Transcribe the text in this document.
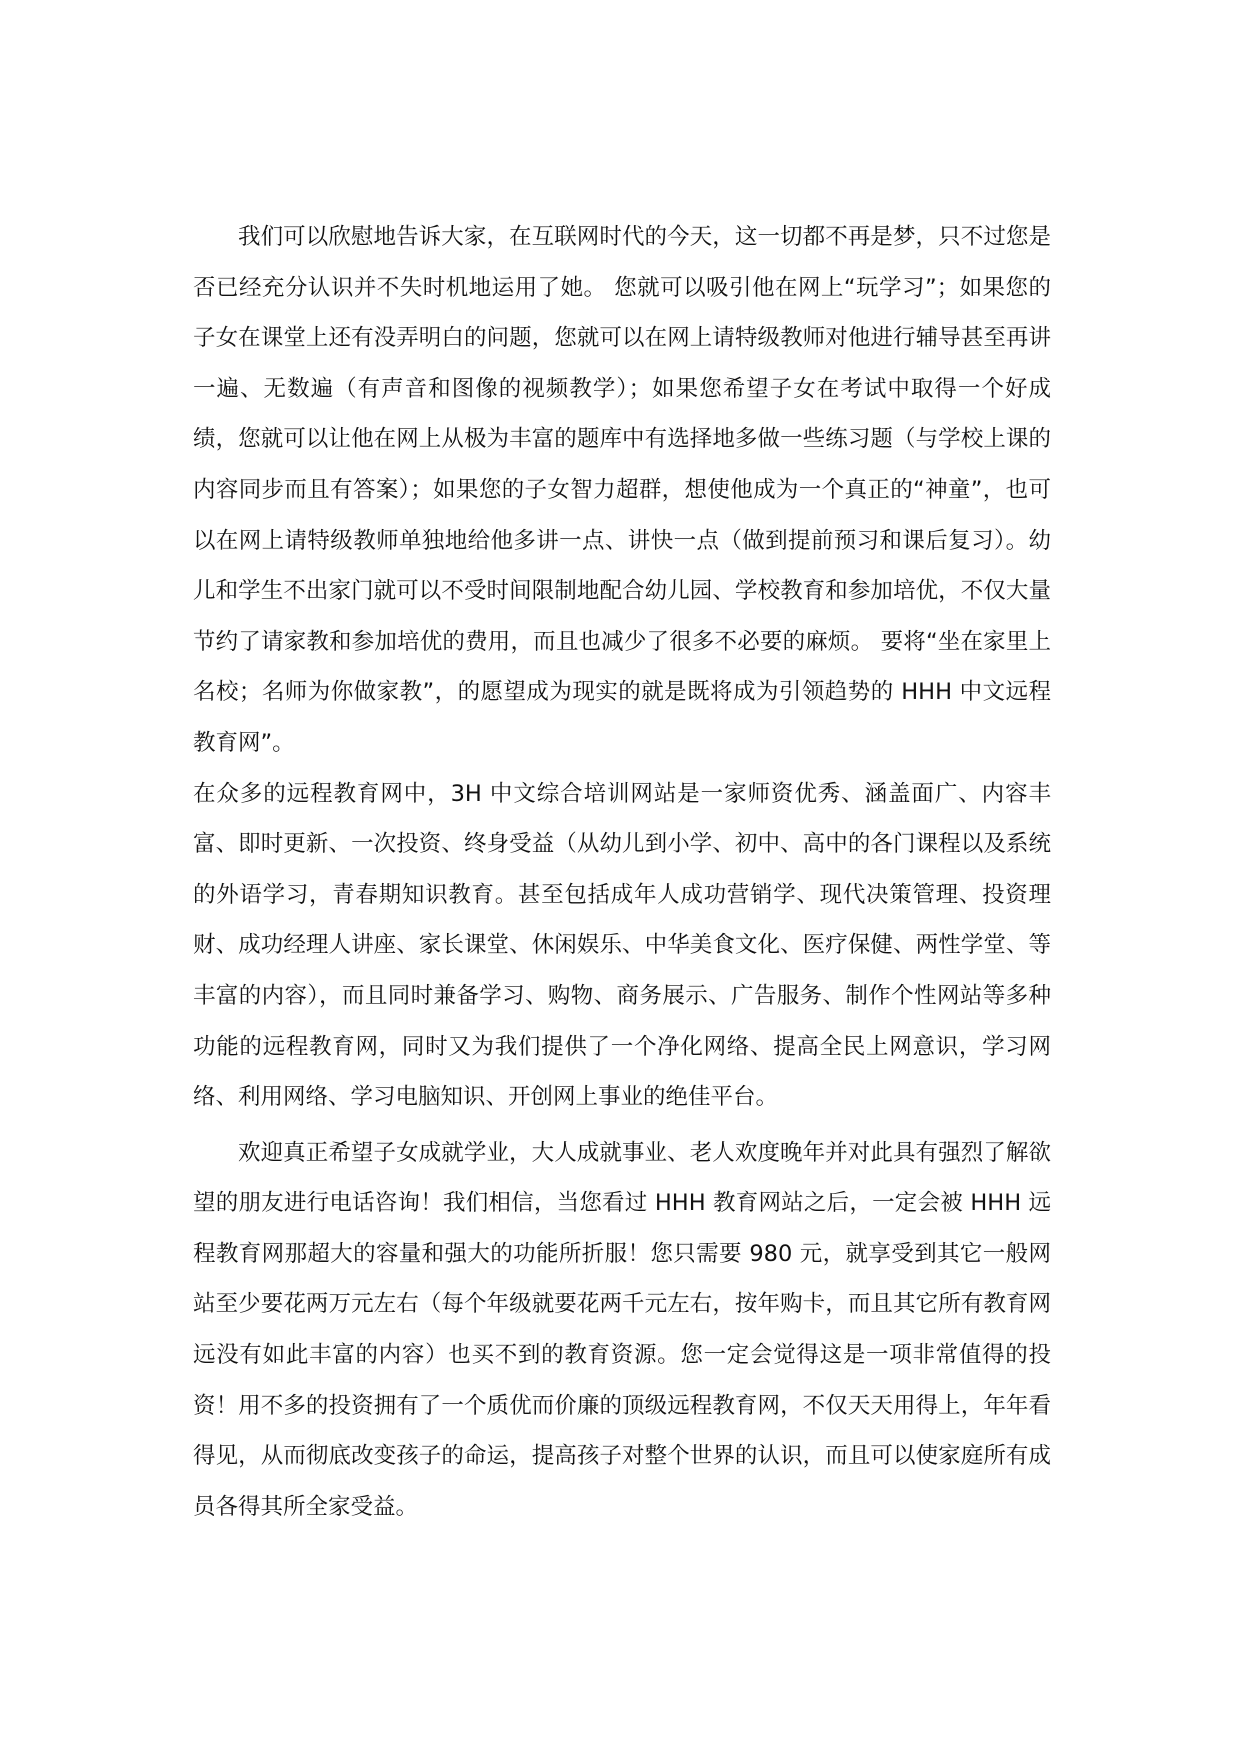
我们可以欣慰地告诉大家，在互联网时代的今天，这一切都不再是梦，只不过您是否已经充分认识并不失时机地运用了她。 您就可以吸引他在网上“玩学习”；如果您的子女在课堂上还有没弄明白的问题，您就可以在网上请特级教师对他进行辅导甚至再讲一遍、无数遍（有声音和图像的视频教学）；如果您希望子女在考试中取得一个好成绩，您就可以让他在网上从极为丰富的题库中有选择地多做一些练习题（与学校上课的内容同步而且有答案）；如果您的子女智力超群，想使他成为一个真正的“神童”，也可以在网上请特级教师单独地给他多讲一点、讲快一点（做到提前预习和课后复习）。幼儿和学生不出家门就可以不受时间限制地配合幼儿园、学校教育和参加培优，不仅大量节约了请家教和参加培优的费用，而且也减少了很多不必要的麻烦。 要将“坐在家里上名校；名师为你做家教”，的愿望成为现实的就是既将成为引领趋势的 HHH 中文远程教育网”。

在众多的远程教育网中，3H 中文综合培训网站是一家师资优秀、涵盖面广、内容丰富、即时更新、一次投资、终身受益（从幼儿到小学、初中、高中的各门课程以及系统的外语学习，青春期知识教育。甚至包括成年人成功营销学、现代决策管理、投资理财、成功经理人讲座、家长课堂、休闲娱乐、中华美食文化、医疗保健、两性学堂、等丰富的内容），而且同时兼备学习、购物、商务展示、广告服务、制作个性网站等多种功能的远程教育网，同时又为我们提供了一个净化网络、提高全民上网意识，学习网络、利用网络、学习电脑知识、开创网上事业的绝佳平台。

欢迎真正希望子女成就学业，大人成就事业、老人欢度晚年并对此具有强烈了解欲望的朋友进行电话咨询！我们相信，当您看过 HHH 教育网站之后，一定会被 HHH 远程教育网那超大的容量和强大的功能所折服！您只需要 980 元，就享受到其它一般网站至少要花两万元左右（每个年级就要花两千元左右，按年购卡，而且其它所有教育网远没有如此丰富的内容）也买不到的教育资源。您一定会觉得这是一项非常值得的投资！用不多的投资拥有了一个质优而价廉的顶级远程教育网，不仅天天用得上，年年看得见，从而彻底改变孩子的命运，提高孩子对整个世界的认识，而且可以使家庭所有成员各得其所全家受益。
